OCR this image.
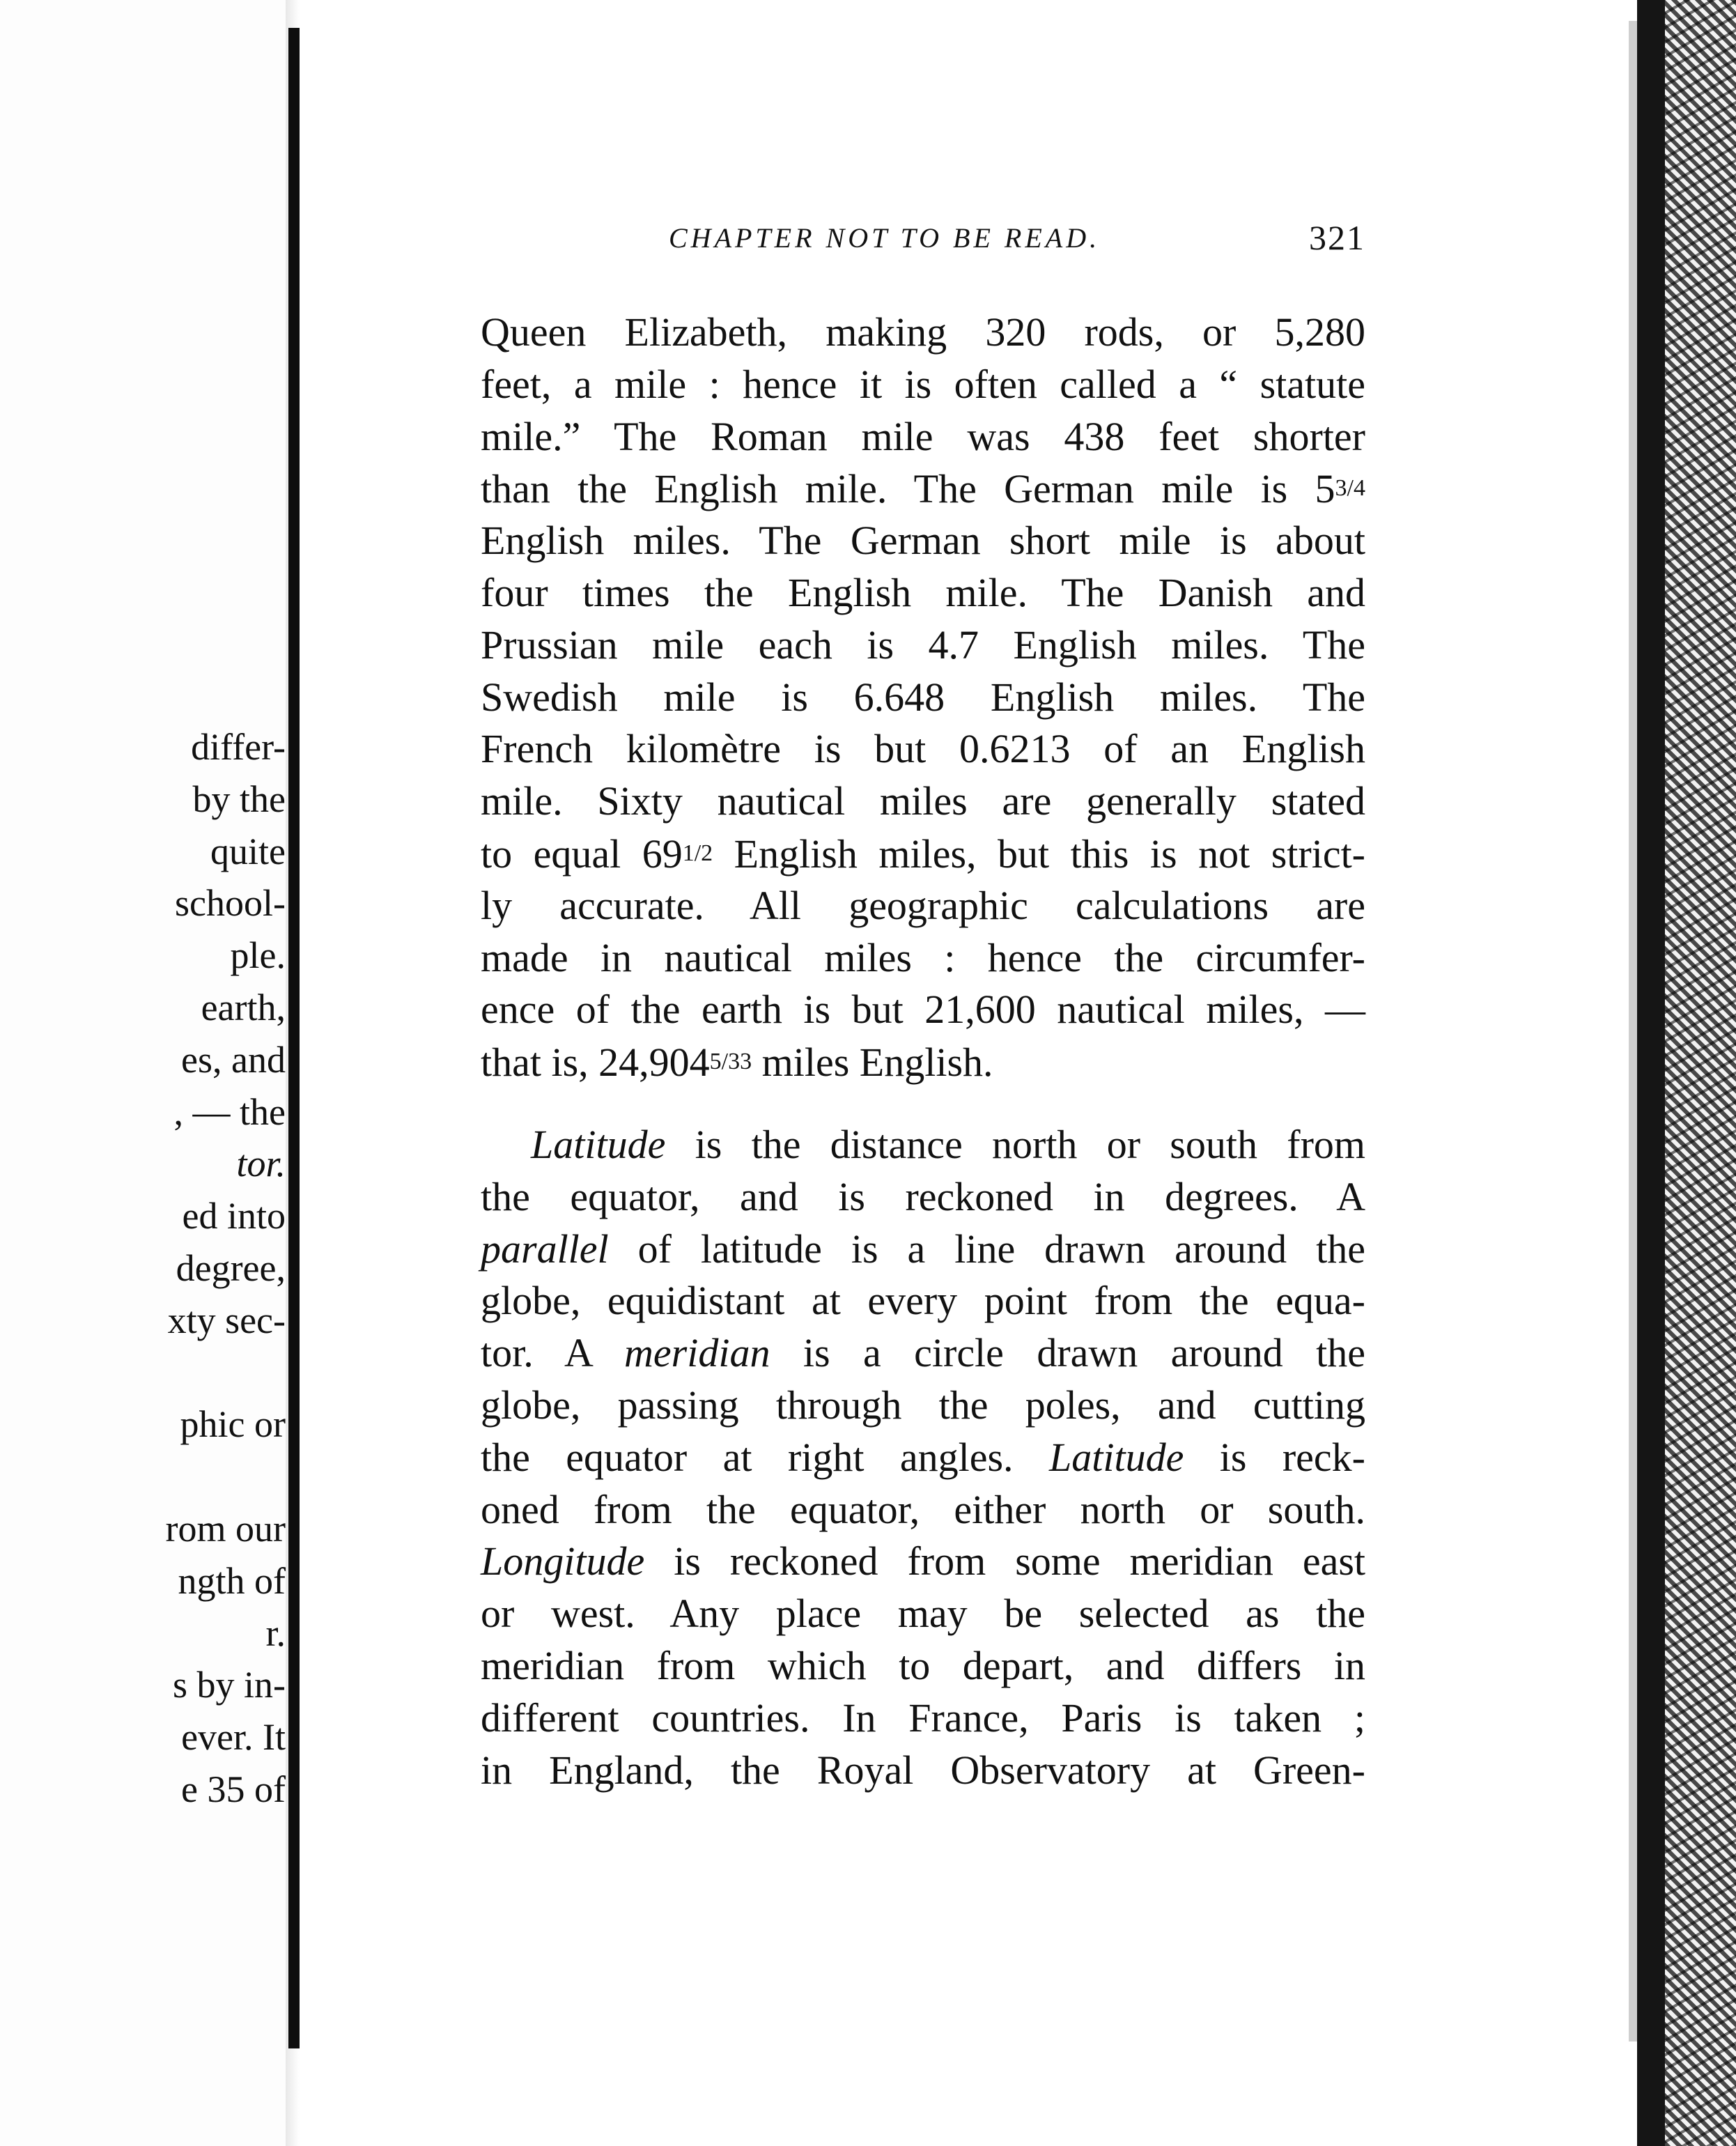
differ-
by the
quite
school-
ple.
earth,
es, and
, — the
tor.
ed into
degree,
xty sec-
phic or
rom our
ngth of
r.
s by in-
ever. It
e 35 of
CHAPTER NOT TO BE READ.	321
Queen Elizabeth, making 320 rods, or 5,280
feet, a mile : hence it is often called a “ statute
mile.” The Roman mile was 438 feet shorter
than the English mile. The German mile is 53/4
English miles. The German short mile is about
four times the English mile. The Danish and
Prussian mile each is 4.7 English miles. The
Swedish mile is 6.648 English miles. The
French kilomètre is but 0.6213 of an English
mile. Sixty nautical miles are generally stated
to equal 691/2 English miles, but this is not strict-
ly accurate. All geographic calculations are
made in nautical miles : hence the circumfer-
ence of the earth is but 21,600 nautical miles, —
that is, 24,9045/33 miles English.
Latitude is the distance north or south from
the equator, and is reckoned in degrees. A
parallel of latitude is a line drawn around the
globe, equidistant at every point from the equa-
tor. A meridian is a circle drawn around the
globe, passing through the poles, and cutting
the equator at right angles. Latitude is reck-
oned from the equator, either north or south.
Longitude is reckoned from some meridian east
or west. Any place may be selected as the
meridian from which to depart, and differs in
different countries. In France, Paris is taken ;
in England, the Royal Observatory at Green-
